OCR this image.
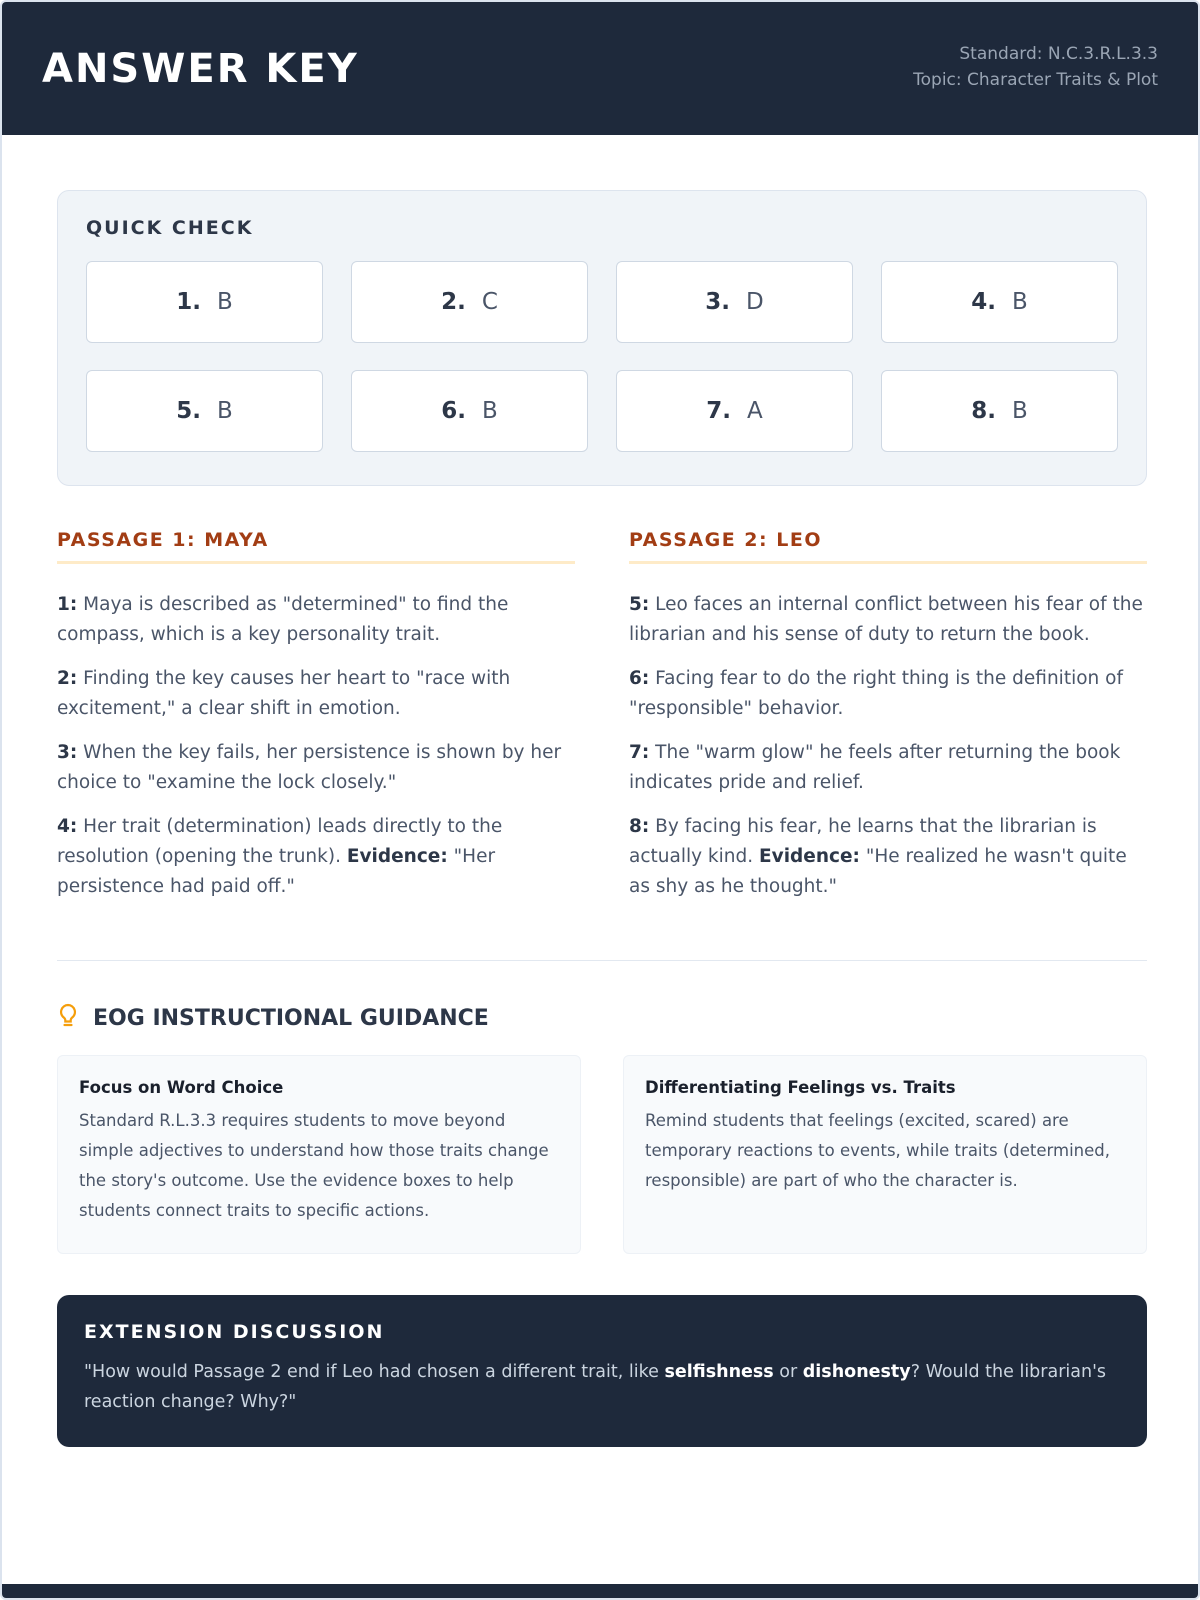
ANSWER KEY	Standard: N.C.3.R.L.3.3
Topic: Character Traits & Plot
QUICK CHECK
1. B	2. C	3. D	4. B
5. B	6. B	7. A	8. B
PASSAGE 1: MAYA

1: Maya is described as "determined" to find the compass, which is a key personality trait.

2: Finding the key causes her heart to "race with excitement," a clear shift in emotion.

3: When the key fails, her persistence is shown by her choice to "examine the lock closely."

4: Her trait (determination) leads directly to the resolution (opening the trunk). Evidence: "Her persistence had paid off."

PASSAGE 2: LEO

5: Leo faces an internal conflict between his fear of the librarian and his sense of duty to return the book.

6: Facing fear to do the right thing is the definition of "responsible" behavior.

7: The "warm glow" he feels after returning the book indicates pride and relief.

8: By facing his fear, he learns that the librarian is actually kind. Evidence: "He realized he wasn't quite as shy as he thought."

EOG INSTRUCTIONAL GUIDANCE
Focus on Word Choice

Standard R.L.3.3 requires students to move beyond simple adjectives to understand how those traits change the story's outcome. Use the evidence boxes to help students connect traits to specific actions.

Differentiating Feelings vs. Traits

Remind students that feelings (excited, scared) are temporary reactions to events, while traits (determined, responsible) are part of who the character is.

EXTENSION DISCUSSION

"How would Passage 2 end if Leo had chosen a different trait, like selfishness or dishonesty? Would the librarian's reaction change? Why?"
